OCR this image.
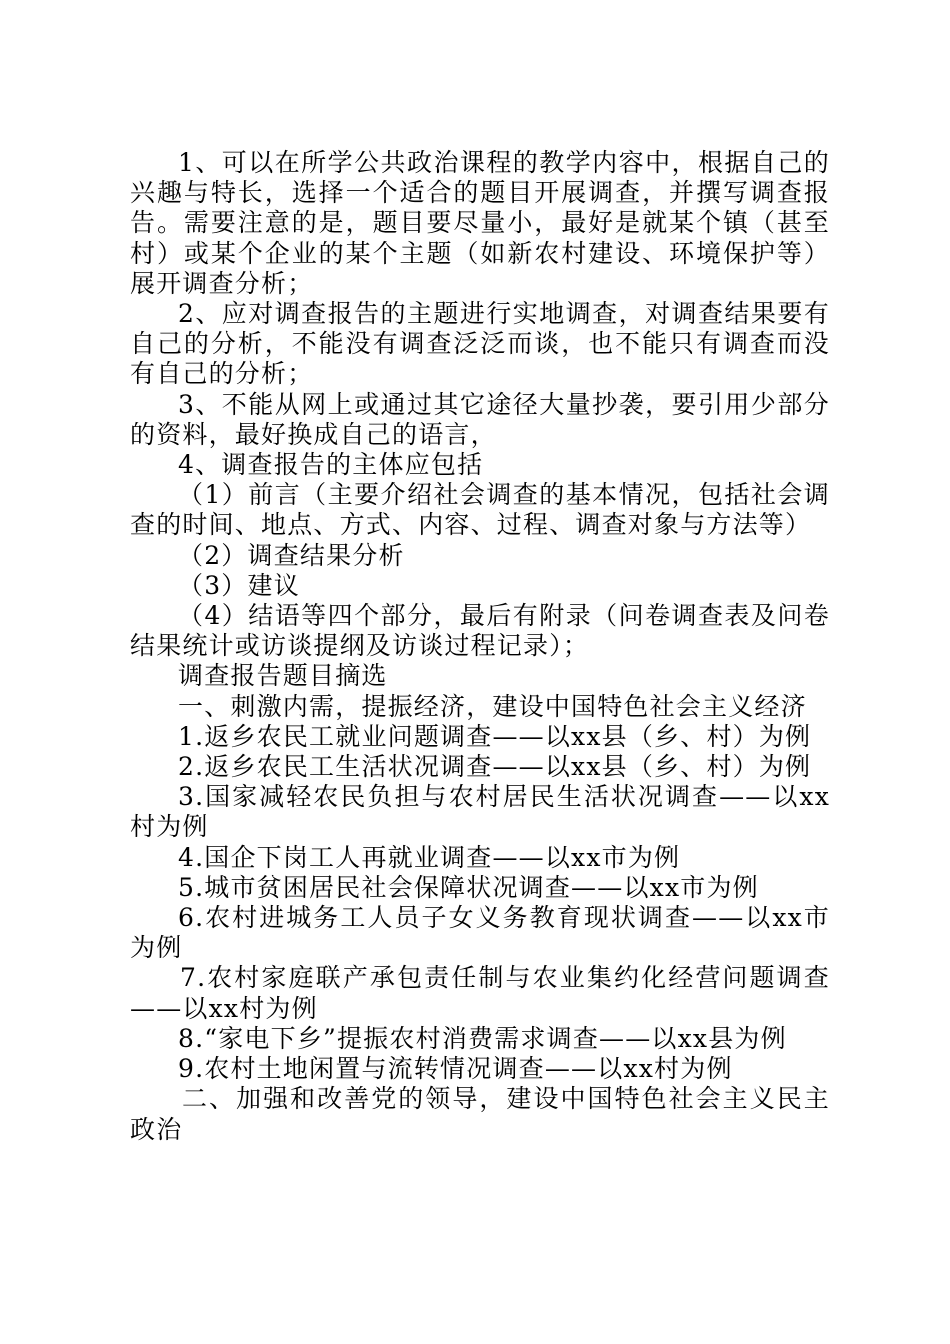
1、可以在所学公共政治课程的教学内容中，根据自己的兴趣与特长，选择一个适合的题目开展调查，并撰写调查报告。需要注意的是，题目要尽量小，最好是就某个镇（甚至村）或某个企业的某个主题（如新农村建设、环境保护等）展开调查分析；

2、应对调查报告的主题进行实地调查，对调查结果要有自己的分析，不能没有调查泛泛而谈，也不能只有调查而没有自己的分析；

3、不能从网上或通过其它途径大量抄袭，要引用少部分的资料，最好换成自己的语言，

4、调查报告的主体应包括

（1）前言（主要介绍社会调查的基本情况，包括社会调查的时间、地点、方式、内容、过程、调查对象与方法等）

（2）调查结果分析

（3）建议

（4）结语等四个部分，最后有附录（问卷调查表及问卷结果统计或访谈提纲及访谈过程记录）；

调查报告题目摘选

一、刺激内需，提振经济，建设中国特色社会主义经济

1.返乡农民工就业问题调查——以xx县（乡、村）为例

2.返乡农民工生活状况调查——以xx县（乡、村）为例

3.国家减轻农民负担与农村居民生活状况调查——以xx村为例

4.国企下岗工人再就业调查——以xx市为例

5.城市贫困居民社会保障状况调查——以xx市为例

6.农村进城务工人员子女义务教育现状调查——以xx市为例

7.农村家庭联产承包责任制与农业集约化经营问题调查——以xx村为例

8.“家电下乡”提振农村消费需求调查——以xx县为例

9.农村土地闲置与流转情况调查——以xx村为例

二、加强和改善党的领导，建设中国特色社会主义民主政治
